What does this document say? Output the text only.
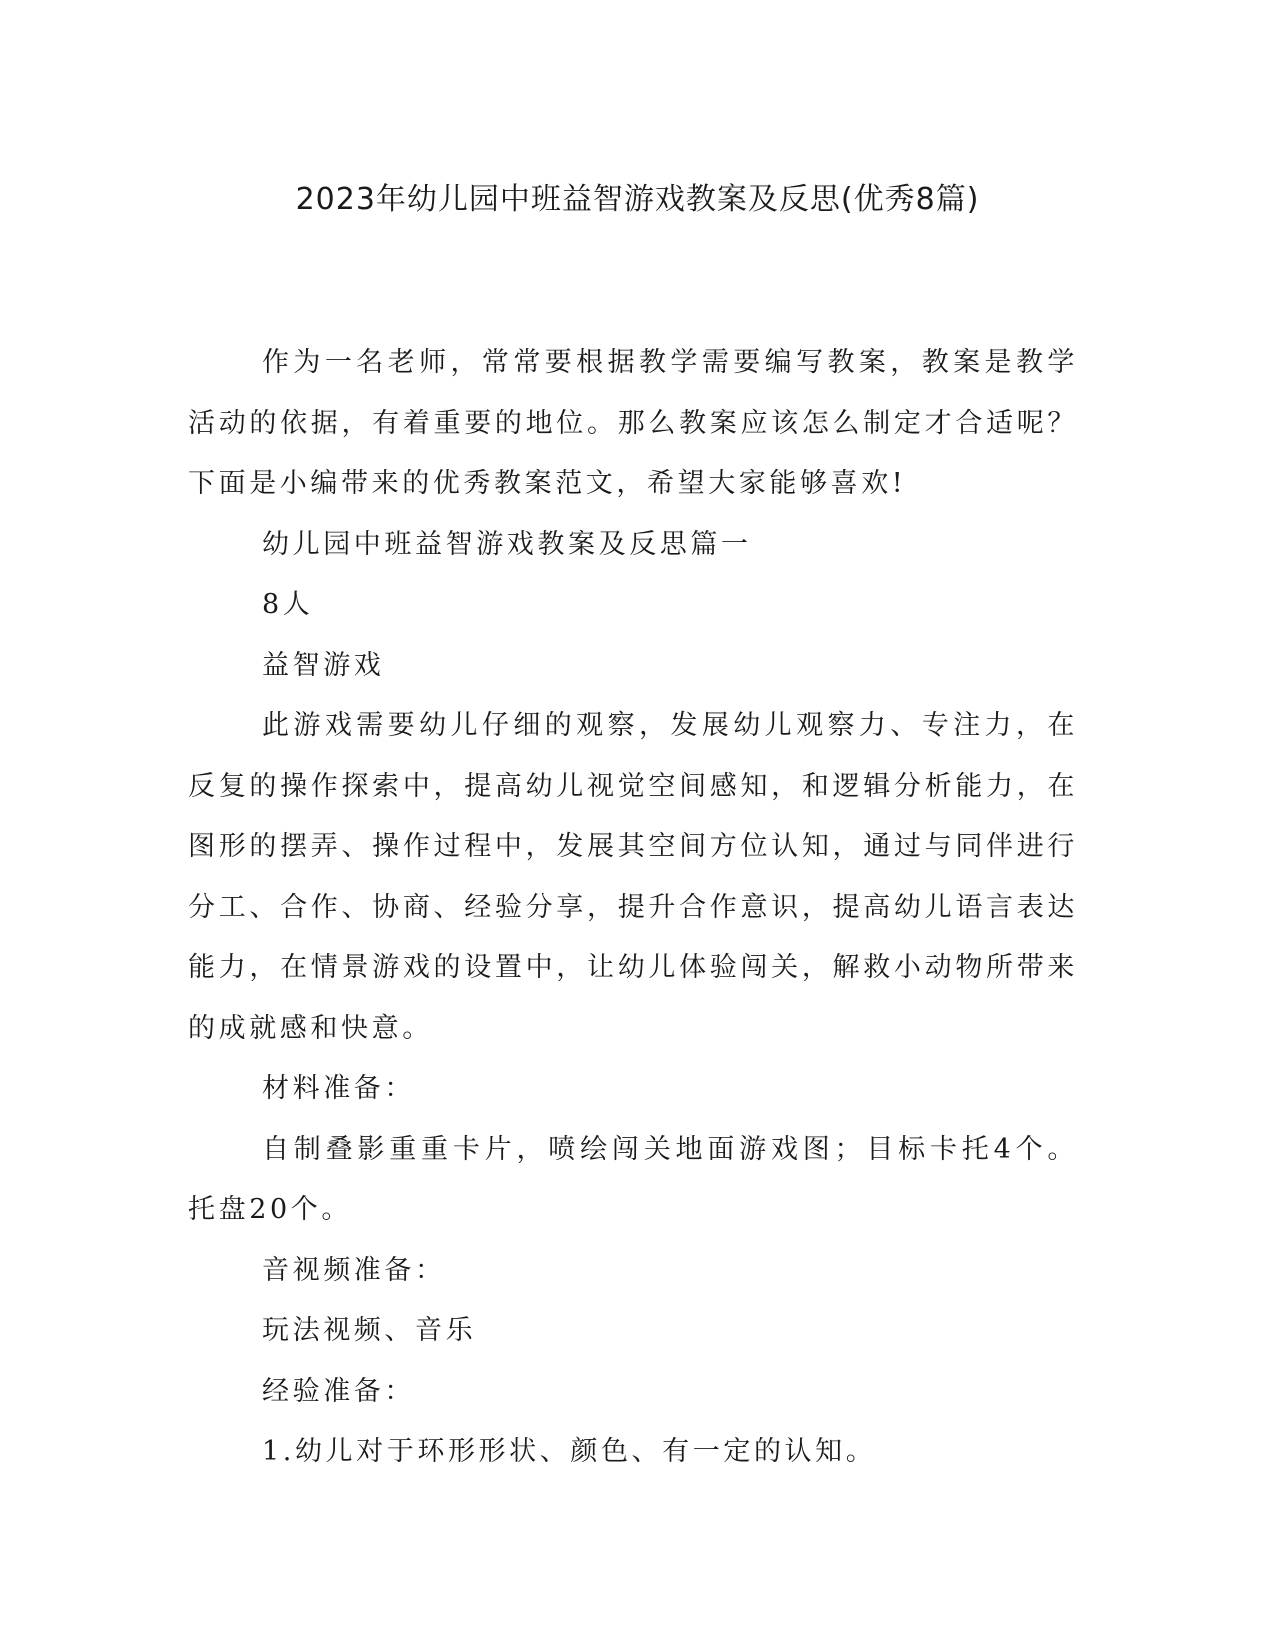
2023年幼儿园中班益智游戏教案及反思(优秀8篇)

作为一名老师，常常要根据教学需要编写教案，教案是教学活动的依据，有着重要的地位。那么教案应该怎么制定才合适呢？下面是小编带来的优秀教案范文，希望大家能够喜欢!

幼儿园中班益智游戏教案及反思篇一

8人

益智游戏

此游戏需要幼儿仔细的观察，发展幼儿观察力、专注力，在反复的操作探索中，提高幼儿视觉空间感知，和逻辑分析能力，在图形的摆弄、操作过程中，发展其空间方位认知，通过与同伴进行分工、合作、协商、经验分享，提升合作意识，提高幼儿语言表达能力，在情景游戏的设置中，让幼儿体验闯关，解救小动物所带来的成就感和快意。

材料准备：

自制叠影重重卡片，喷绘闯关地面游戏图；目标卡托4个。托盘20个。

音视频准备：

玩法视频、音乐

经验准备：

1.幼儿对于环形形状、颜色、有一定的认知。
